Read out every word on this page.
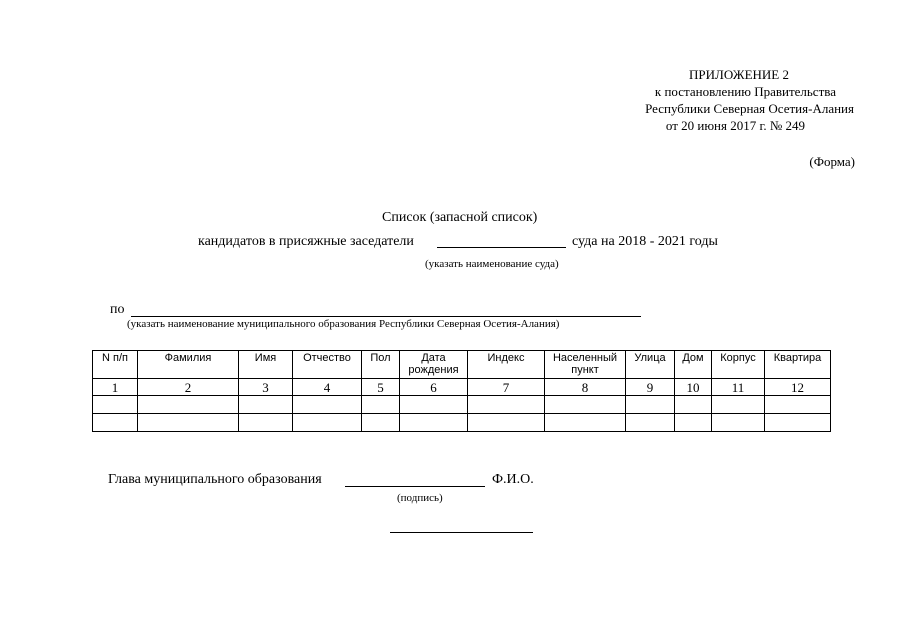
ПРИЛОЖЕНИЕ 2
к постановлению Правительства
Республики Северная Осетия-Алания
от 20 июня 2017 г. № 249
(Форма)
Список (запасной список)
кандидатов в присяжные заседатели	суда на 2018 - 2021 годы
(указать наименование суда)
по
(указать наименование муниципального образования Республики Северная Осетия-Алания)
N п/п	Фамилия	Имя	Отчество	Пол	Дата рождения	Индекс	Населенный пункт	Улица	Дом	Корпус	Квартира
1	2	3	4	5	6	7	8	9	10	11	12

Глава муниципального образования	Ф.И.О.
(подпись)
